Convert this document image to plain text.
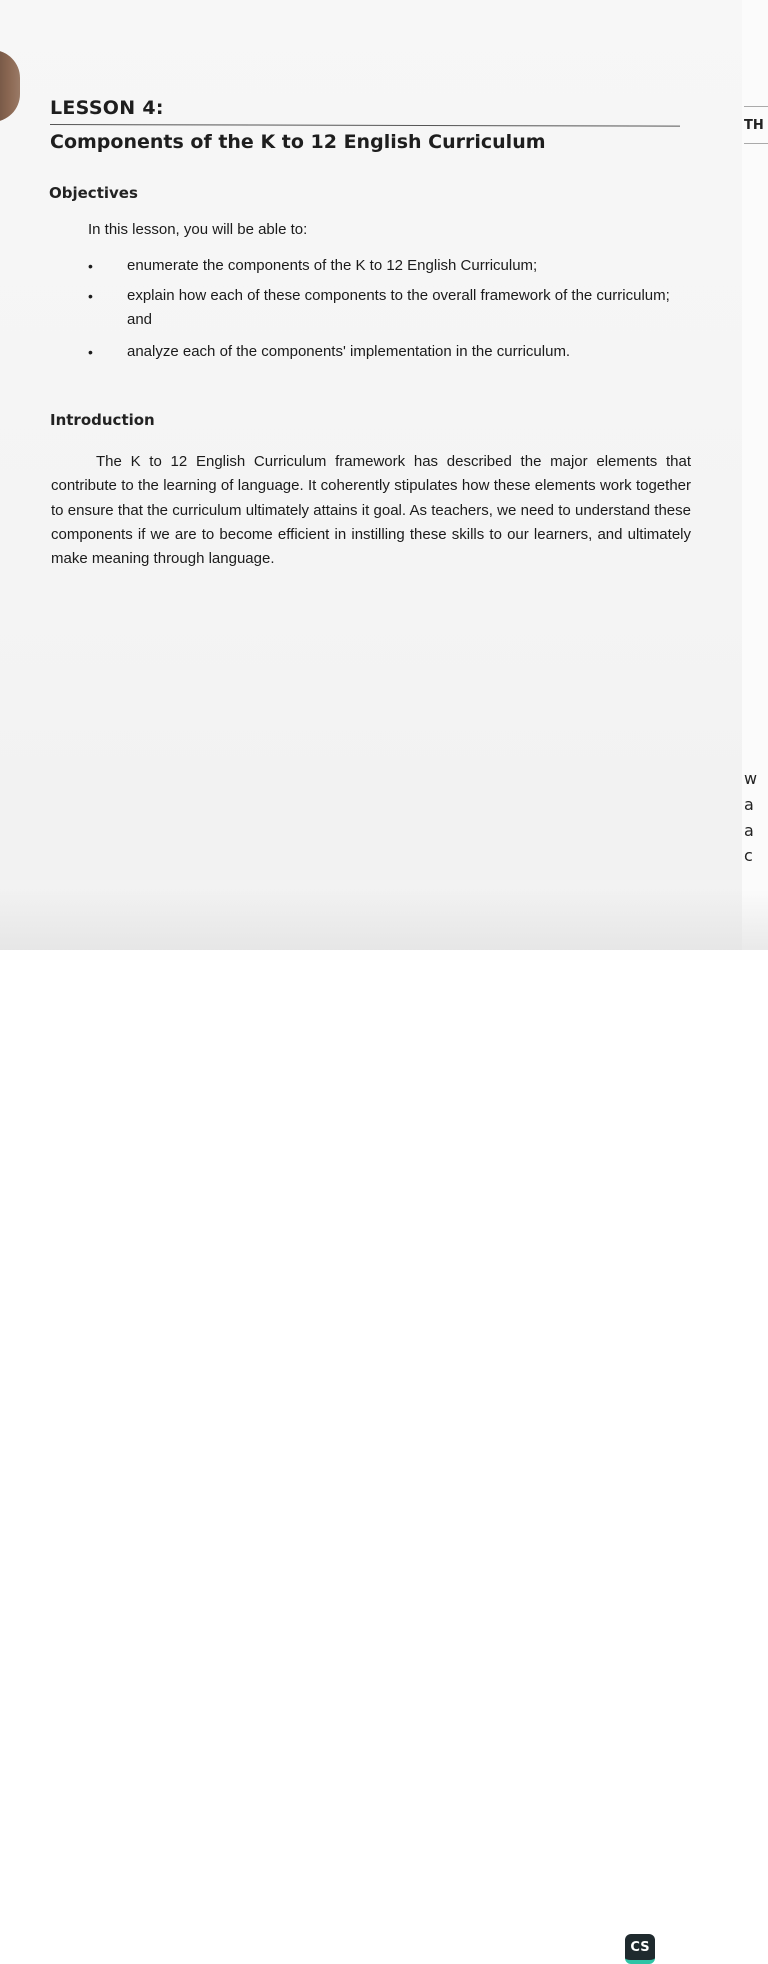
LESSON 4:
Components of the K to 12 English Curriculum
Objectives
In this lesson, you will be able to:
• enumerate the components of the K to 12 English Curriculum;
• explain how each of these components to the overall framework of the curriculum; and
• analyze each of the components' implementation in the curriculum.
Introduction

The K to 12 English Curriculum framework has described the major elements that contribute to the learning of language. It coherently stipulates how these elements work together to ensure that the curriculum ultimately attains it goal. As teachers, we need to understand these components if we are to become efficient in instilling these skills to our learners, and ultimately make meaning through language.

TH
w
a
a
c
CS
